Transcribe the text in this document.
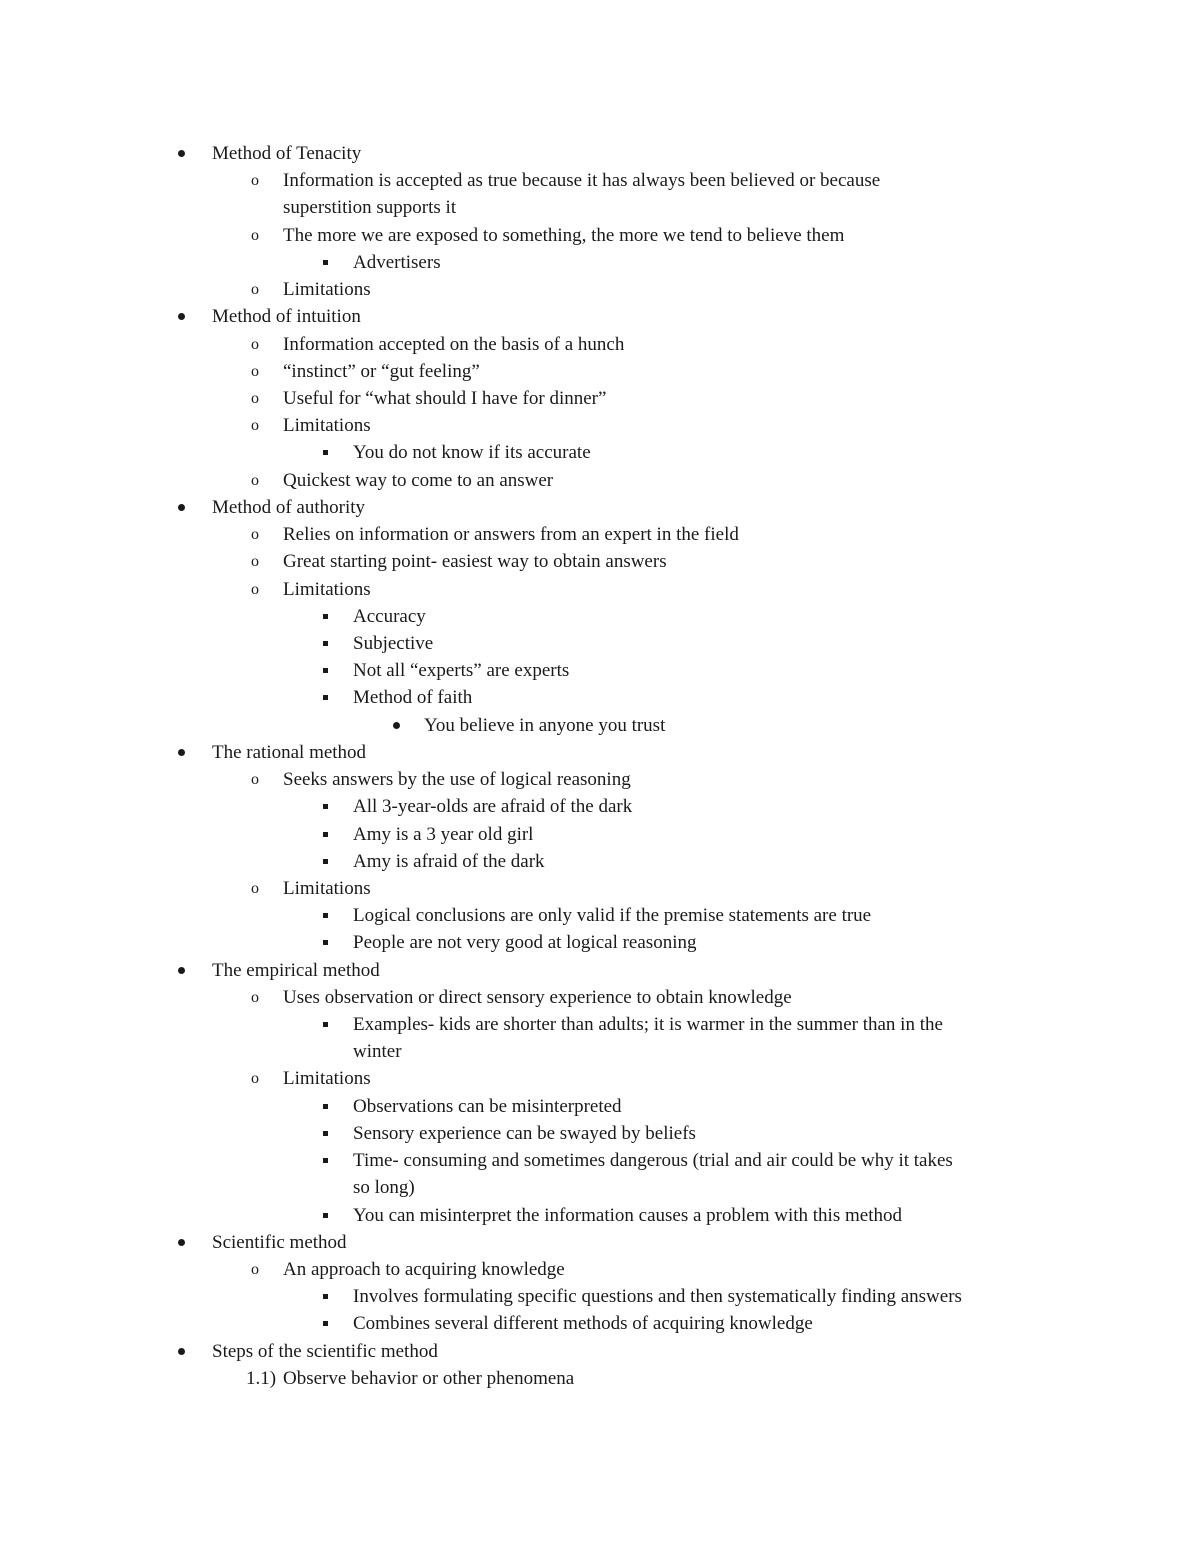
Method of Tenacity
o Information is accepted as true because it has always been believed or because
superstition supports it
o The more we are exposed to something, the more we tend to believe them
Advertisers
o Limitations
Method of intuition
o Information accepted on the basis of a hunch
o “instinct” or “gut feeling”
o Useful for “what should I have for dinner”
o Limitations
You do not know if its accurate
o Quickest way to come to an answer
Method of authority
o Relies on information or answers from an expert in the field
o Great starting point- easiest way to obtain answers
o Limitations
Accuracy
Subjective
Not all “experts” are experts
Method of faith
You believe in anyone you trust
The rational method
o Seeks answers by the use of logical reasoning
All 3-year-olds are afraid of the dark
Amy is a 3 year old girl
Amy is afraid of the dark
o Limitations
Logical conclusions are only valid if the premise statements are true
People are not very good at logical reasoning
The empirical method
o Uses observation or direct sensory experience to obtain knowledge
Examples- kids are shorter than adults; it is warmer in the summer than in the
winter
o Limitations
Observations can be misinterpreted
Sensory experience can be swayed by beliefs
Time- consuming and sometimes dangerous (trial and air could be why it takes
so long)
You can misinterpret the information causes a problem with this method
Scientific method
o An approach to acquiring knowledge
Involves formulating specific questions and then systematically finding answers
Combines several different methods of acquiring knowledge
Steps of the scientific method
1.1) Observe behavior or other phenomena
